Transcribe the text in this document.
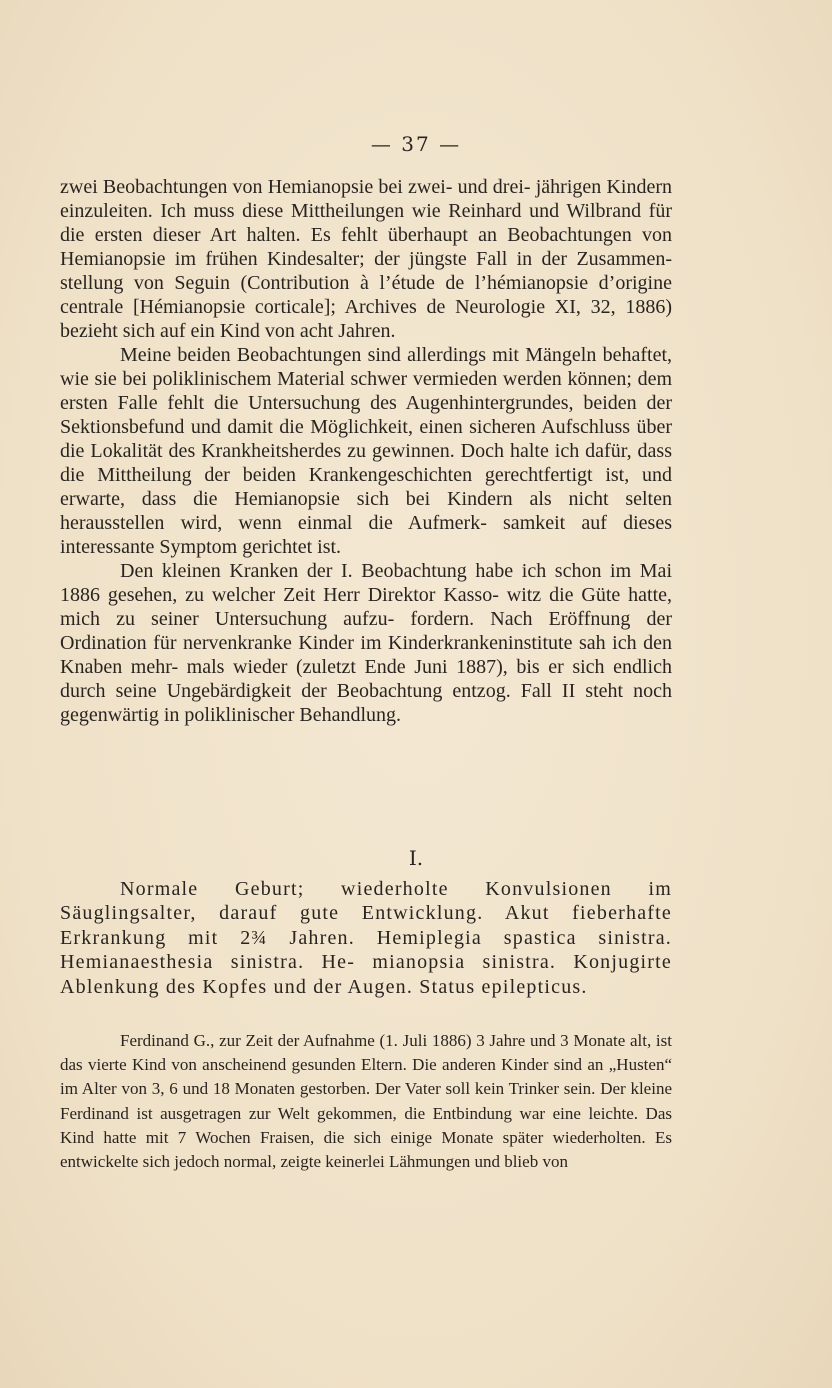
— 37 —

zwei Beobachtungen von Hemianopsie bei zwei- und drei- jährigen Kindern einzuleiten. Ich muss diese Mittheilungen wie Reinhard und Wilbrand für die ersten dieser Art halten. Es fehlt überhaupt an Beobachtungen von Hemianopsie im frühen Kindesalter; der jüngste Fall in der Zusammen- stellung von Seguin (Contribution à l’étude de l’hémianopsie d’origine centrale [Hémianopsie corticale]; Archives de Neurologie XI, 32, 1886) bezieht sich auf ein Kind von acht Jahren.

Meine beiden Beobachtungen sind allerdings mit Mängeln behaftet, wie sie bei poliklinischem Material schwer vermieden werden können; dem ersten Falle fehlt die Untersuchung des Augenhintergrundes, beiden der Sektionsbefund und damit die Möglichkeit, einen sicheren Aufschluss über die Lokalität des Krankheitsherdes zu gewinnen. Doch halte ich dafür, dass die Mittheilung der beiden Krankengeschichten gerechtfertigt ist, und erwarte, dass die Hemianopsie sich bei Kindern als nicht selten herausstellen wird, wenn einmal die Aufmerk- samkeit auf dieses interessante Symptom gerichtet ist.

Den kleinen Kranken der I. Beobachtung habe ich schon im Mai 1886 gesehen, zu welcher Zeit Herr Direktor Kasso- witz die Güte hatte, mich zu seiner Untersuchung aufzu- fordern. Nach Eröffnung der Ordination für nervenkranke Kinder im Kinderkrankeninstitute sah ich den Knaben mehr- mals wieder (zuletzt Ende Juni 1887), bis er sich endlich durch seine Ungebärdigkeit der Beobachtung entzog. Fall II steht noch gegenwärtig in poliklinischer Behandlung.

I.

Normale Geburt; wiederholte Konvulsionen im Säuglingsalter, darauf gute Entwicklung. Akut fieberhafte Erkrankung mit 2¾ Jahren. Hemiplegia spastica sinistra. Hemianaesthesia sinistra. He- mianopsia sinistra. Konjugirte Ablenkung des Kopfes und der Augen. Status epilepticus.

Ferdinand G., zur Zeit der Aufnahme (1. Juli 1886) 3 Jahre und 3 Monate alt, ist das vierte Kind von anscheinend gesunden Eltern. Die anderen Kinder sind an „Husten“ im Alter von 3, 6 und 18 Monaten gestorben. Der Vater soll kein Trinker sein. Der kleine Ferdinand ist ausgetragen zur Welt gekommen, die Entbindung war eine leichte. Das Kind hatte mit 7 Wochen Fraisen, die sich einige Monate später wiederholten. Es entwickelte sich jedoch normal, zeigte keinerlei Lähmungen und blieb von
